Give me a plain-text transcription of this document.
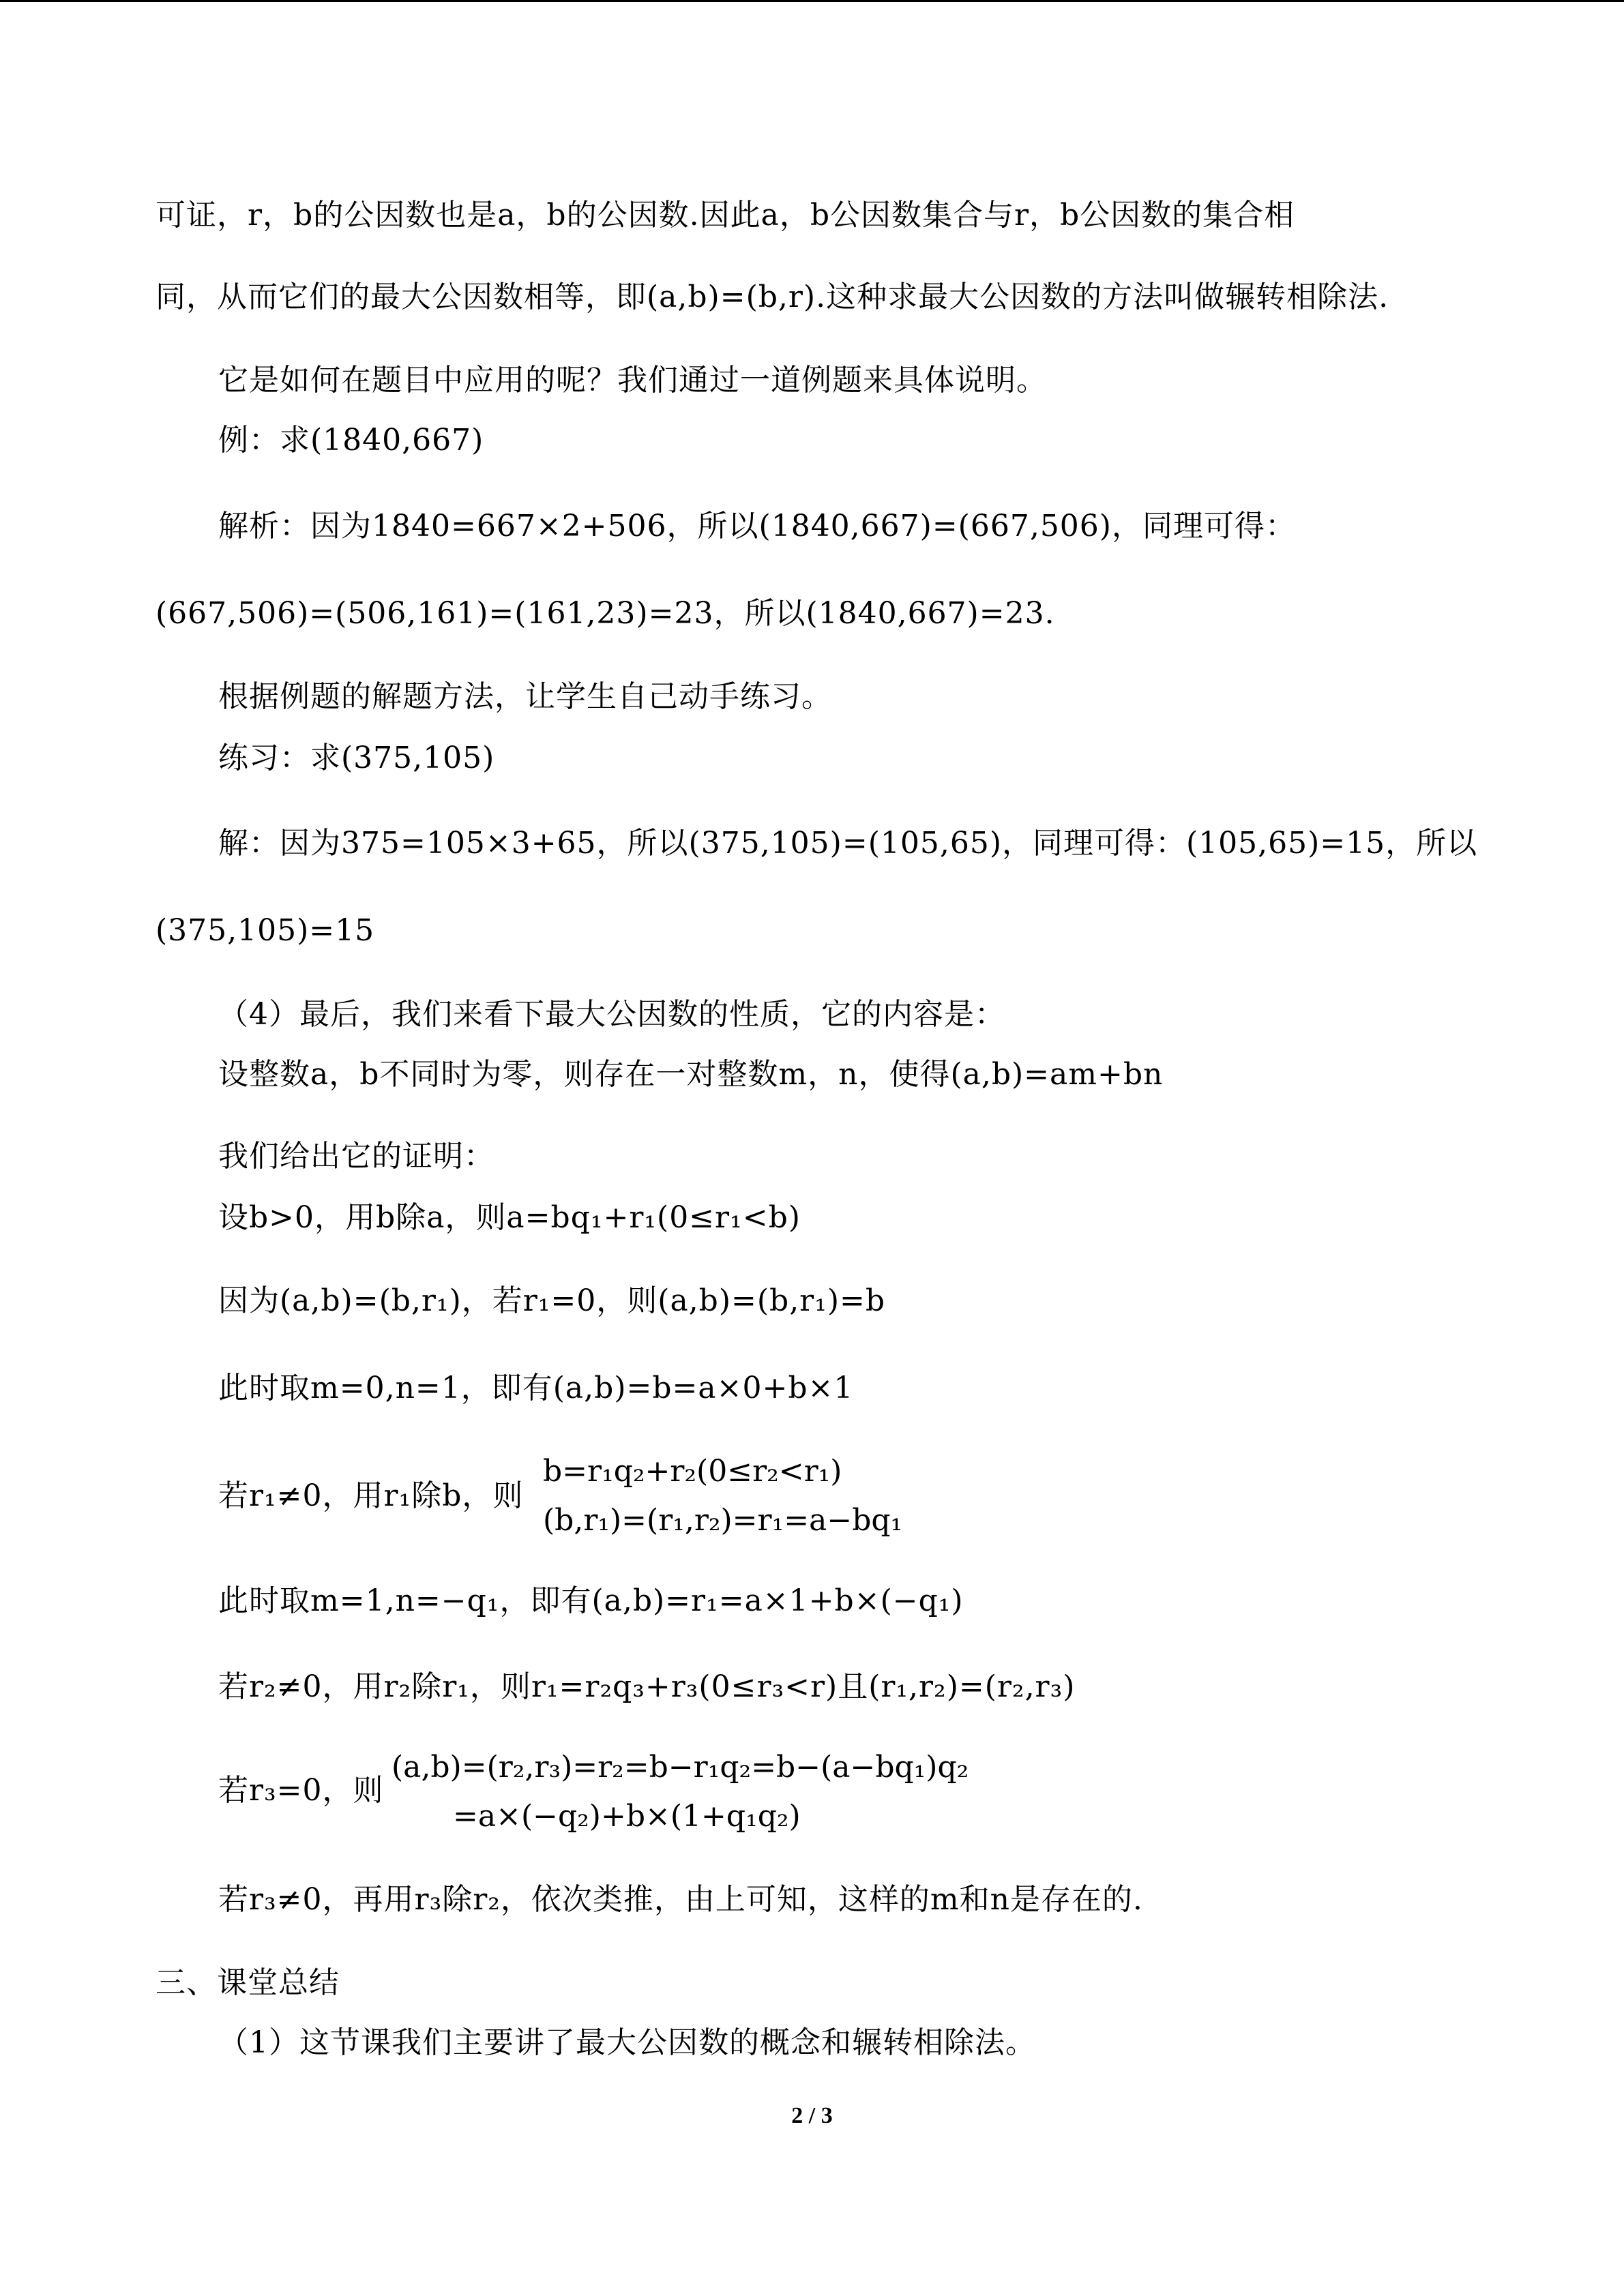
可证，r，b的公因数也是a，b的公因数.因此a，b公因数集合与r，b公因数的集合相
同，从而它们的最大公因数相等，即(a,b)=(b,r).这种求最大公因数的方法叫做辗转相除法.
它是如何在题目中应用的呢？我们通过一道例题来具体说明。
例：求(1840,667)
解析：因为1840=667×2+506，所以(1840,667)=(667,506)，同理可得：
(667,506)=(506,161)=(161,23)=23，所以(1840,667)=23.
根据例题的解题方法，让学生自己动手练习。
练习：求(375,105)
解：因为375=105×3+65，所以(375,105)=(105,65)，同理可得：(105,65)=15，所以
(375,105)=15
（4）最后，我们来看下最大公因数的性质，它的内容是：
设整数a，b不同时为零，则存在一对整数m，n，使得(a,b)=am+bn
我们给出它的证明：
设b>0，用b除a，则a=bq₁+r₁(0≤r₁<b)
因为(a,b)=(b,r₁)，若r₁=0，则(a,b)=(b,r₁)=b
此时取m=0,n=1，即有(a,b)=b=a×0+b×1
若r₁≠0，用r₁除b，则
b=r₁q₂+r₂(0≤r₂<r₁)
(b,r₁)=(r₁,r₂)=r₁=a−bq₁
此时取m=1,n=−q₁，即有(a,b)=r₁=a×1+b×(−q₁)
若r₂≠0，用r₂除r₁，则r₁=r₂q₃+r₃(0≤r₃<r)且(r₁,r₂)=(r₂,r₃)
若r₃=0，则
(a,b)=(r₂,r₃)=r₂=b−r₁q₂=b−(a−bq₁)q₂
=a×(−q₂)+b×(1+q₁q₂)
若r₃≠0，再用r₃除r₂，依次类推，由上可知，这样的m和n是存在的.
三、课堂总结
（1）这节课我们主要讲了最大公因数的概念和辗转相除法。
2 / 3
